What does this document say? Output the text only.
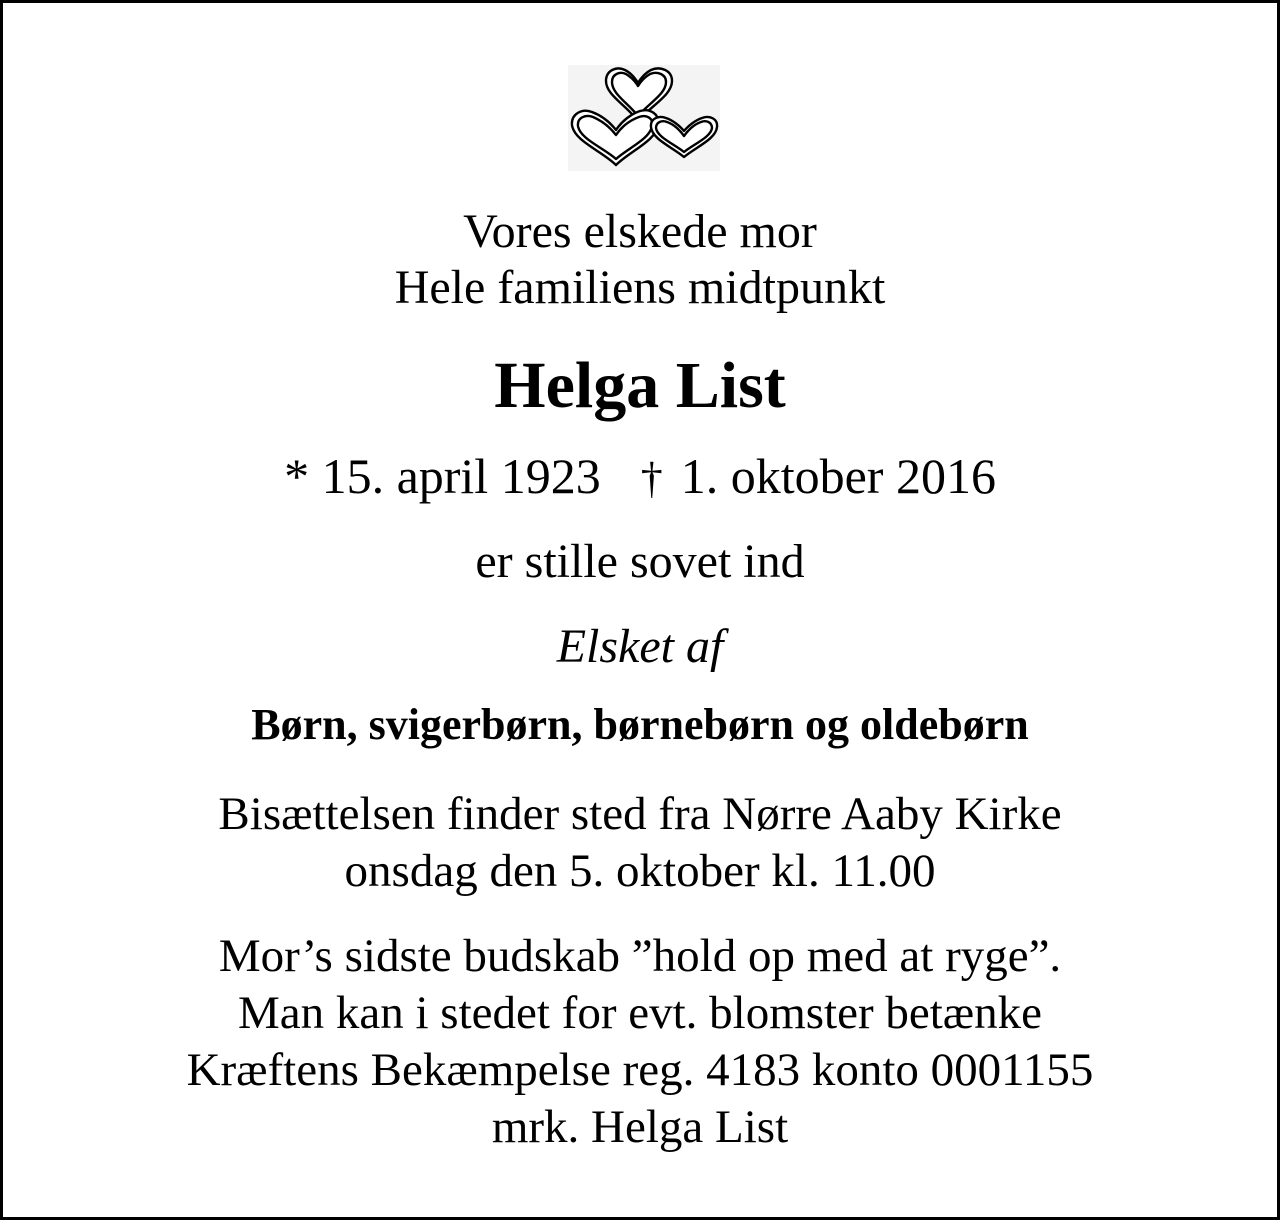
Vores elskede mor
Hele familiens midtpunkt
Helga List
* 15. april 1923 † 1. oktober 2016
er stille sovet ind
Elsket af
Børn, svigerbørn, børnebørn og oldebørn
Bisættelsen finder sted fra Nørre Aaby Kirke
onsdag den 5. oktober kl. 11.00
Mor’s sidste budskab ”hold op med at ryge”.
Man kan i stedet for evt. blomster betænke
Kræftens Bekæmpelse reg. 4183 konto 0001155
mrk. Helga List
